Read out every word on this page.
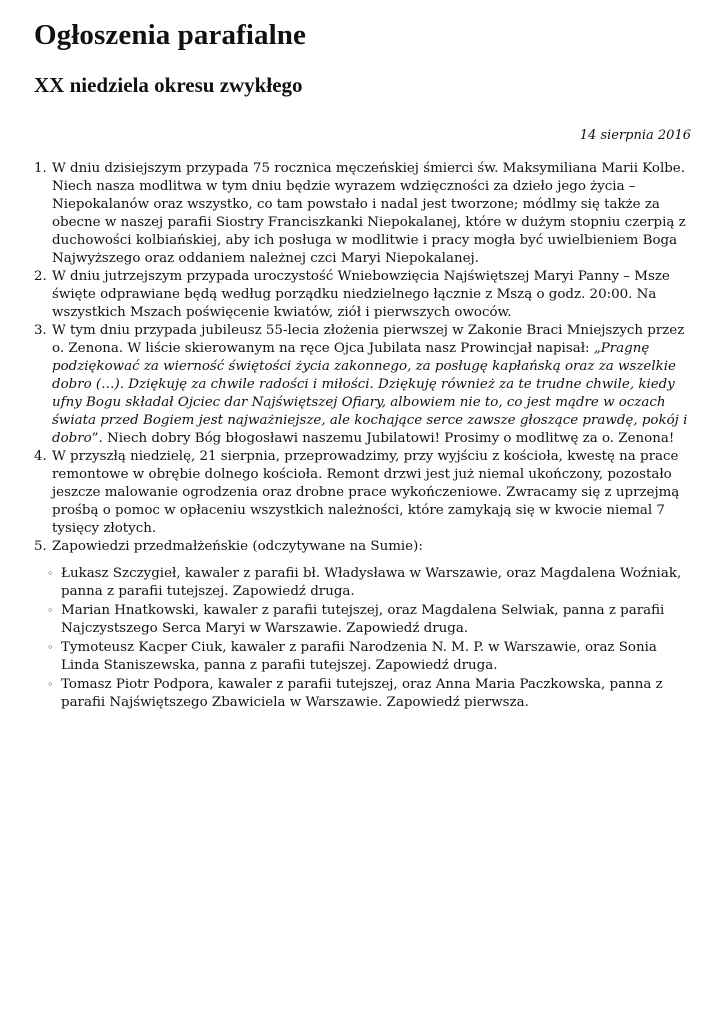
Ogłoszenia parafialne
XX niedziela okresu zwykłego
14 sierpnia 2016
1. W dniu dzisiejszym przypada 75 rocznica męczeńskiej śmierci św. Maksymiliana Marii Kolbe. Niech nasza modlitwa w tym dniu będzie wyrazem wdzięczności za dzieło jego życia – Niepokalanów oraz wszystko, co tam powstało i nadal jest tworzone; módlmy się także za obecne w naszej parafii Siostry Franciszkanki Niepokalanej, które w dużym stopniu czerpią z duchowości kolbiańskiej, aby ich posługa w modlitwie i pracy mogła być uwielbieniem Boga Najwyższego oraz oddaniem należnej czci Maryi Niepokalanej.
2. W dniu jutrzejszym przypada uroczystość Wniebowzięcia Najświętszej Maryi Panny – Msze święte odprawiane będą według porządku niedzielnego łącznie z Mszą o godz. 20:00. Na wszystkich Mszach poświęcenie kwiatów, ziół i pierwszych owoców.
3. W tym dniu przypada jubileusz 55-lecia złożenia pierwszej w Zakonie Braci Mniejszych przez o. Zenona. W liście skierowanym na ręce Ojca Jubilata nasz Prowincjał napisał: „Pragnę podziękować za wierność świętości życia zakonnego, za posługę kapłańską oraz za wszelkie dobro (…). Dziękuję za chwile radości i miłości. Dziękuję również za te trudne chwile, kiedy ufny Bogu składał Ojciec dar Najświętszej Ofiary, albowiem nie to, co jest mądre w oczach świata przed Bogiem jest najważniejsze, ale kochające serce zawsze głoszące prawdę, pokój i dobro”. Niech dobry Bóg błogosławi naszemu Jubilatowi! Prosimy o modlitwę za o. Zenona!
4. W przyszłą niedzielę, 21 sierpnia, przeprowadzimy, przy wyjściu z kościoła, kwestę na prace remontowe w obrębie dolnego kościoła. Remont drzwi jest już niemal ukończony, pozostało jeszcze malowanie ogrodzenia oraz drobne prace wykończeniowe. Zwracamy się z uprzejmą prośbą o pomoc w opłaceniu wszystkich należności, które zamykają się w kwocie niemal 7 tysięcy złotych.
5. Zapowiedzi przedmałżeńskie (odczytywane na Sumie):
◦ Łukasz Szczygieł, kawaler z parafii bł. Władysława w Warszawie, oraz Magdalena Woźniak, panna z parafii tutejszej. Zapowiedź druga.
◦ Marian Hnatkowski, kawaler z parafii tutejszej, oraz Magdalena Selwiak, panna z parafii Najczystszego Serca Maryi w Warszawie. Zapowiedź druga.
◦ Tymoteusz Kacper Ciuk, kawaler z parafii Narodzenia N. M. P. w Warszawie, oraz Sonia Linda Staniszewska, panna z parafii tutejszej. Zapowiedź druga.
◦ Tomasz Piotr Podpora, kawaler z parafii tutejszej, oraz Anna Maria Paczkowska, panna z parafii Najświętszego Zbawiciela w Warszawie. Zapowiedź pierwsza.
